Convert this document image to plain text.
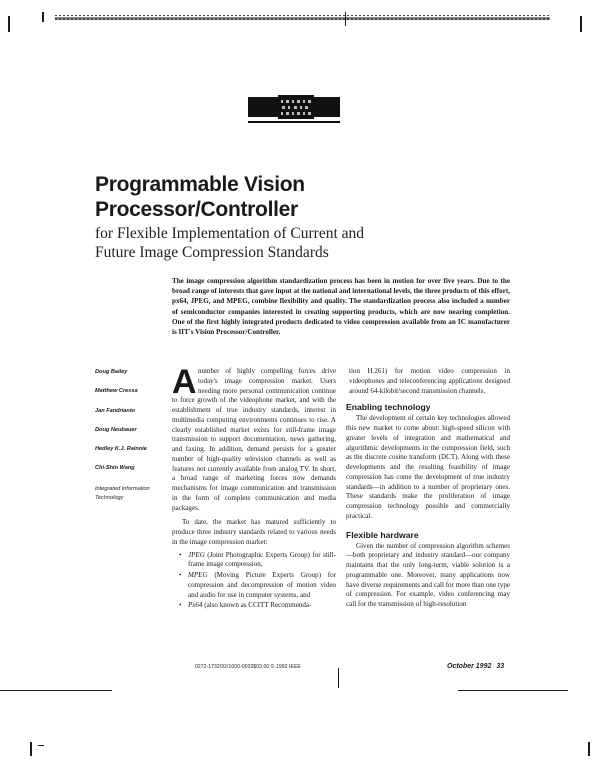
Programmable Vision
Processor/Controller
for Flexible Implementation of Current and
Future Image Compression Standards

The image compression algorithm standardization process has been in motion for over five years. Due to the broad range of interests that gave input at the national and international levels, the three products of this effort, px64, JPEG, and MPEG, combine flexibility and quality. The standardization process also included a number of semiconductor companies interested in creating supporting products, which are now nearing completion. One of the first highly integrated products dedicated to video compression available from an IC manufacturer is IIT's Vision Processor/Controller.

Doug Bailey
Matthew Cressa
Jan Fandrianto
Doug Neubauer
Hedley K.J. Rainnie
Chi-Shin Wang
Integrated Information Technology

Anumber of highly compelling forces drive today's image compression market. Users needing more personal communication continue to force growth of the videophone market, and with the establishment of true industry standards, interest in multimedia computing environments continues to rise. A clearly established market exists for still-frame image transmission to support documentation, news gathering, and faxing. In addition, demand persists for a greater number of high-quality television channels as well as features not currently available from analog TV. In short, a broad range of marketing forces now demands mechanisms for image communication and transmission in the form of complete communication and media packages.

To date, the market has matured sufficiently to produce three industry standards related to various needs in the image compression market:

• JPEG (Joint Photographic Experts Group) for still-frame image compression,
• MPEG (Moving Picture Experts Group) for compression and decompression of motion video and audio for use in computer systems, and
• Px64 (also known as CCITT Recommenda-

tion H.261) for motion video compression in videophones and teleconferencing applications designed around 64-kilobit/second transmission channels.

Enabling technology

The development of certain key technologies allowed this new market to come about: high-speed silicon with greater levels of integration and mathematical and algorithmic developments in the compression field, such as the discrete cosine transform (DCT). Along with these developments and the resulting feasibility of image compression has come the development of true industry standards—in addition to a number of proprietary ones. These standards make the proliferation of image compression technology possible and commercially practical.

Flexible hardware

Given the number of compression algorithm schemes—both proprietary and industry standard—our company maintains that the only long-term, viable solution is a programmable one. Moreover, many applications now have diverse requirements and call for more than one type of compression. For example, video conferencing may call for the transmission of high-resolution

0272-1732/92/1000-0033$03.00 © 1992 IEEE	October 1992 33
